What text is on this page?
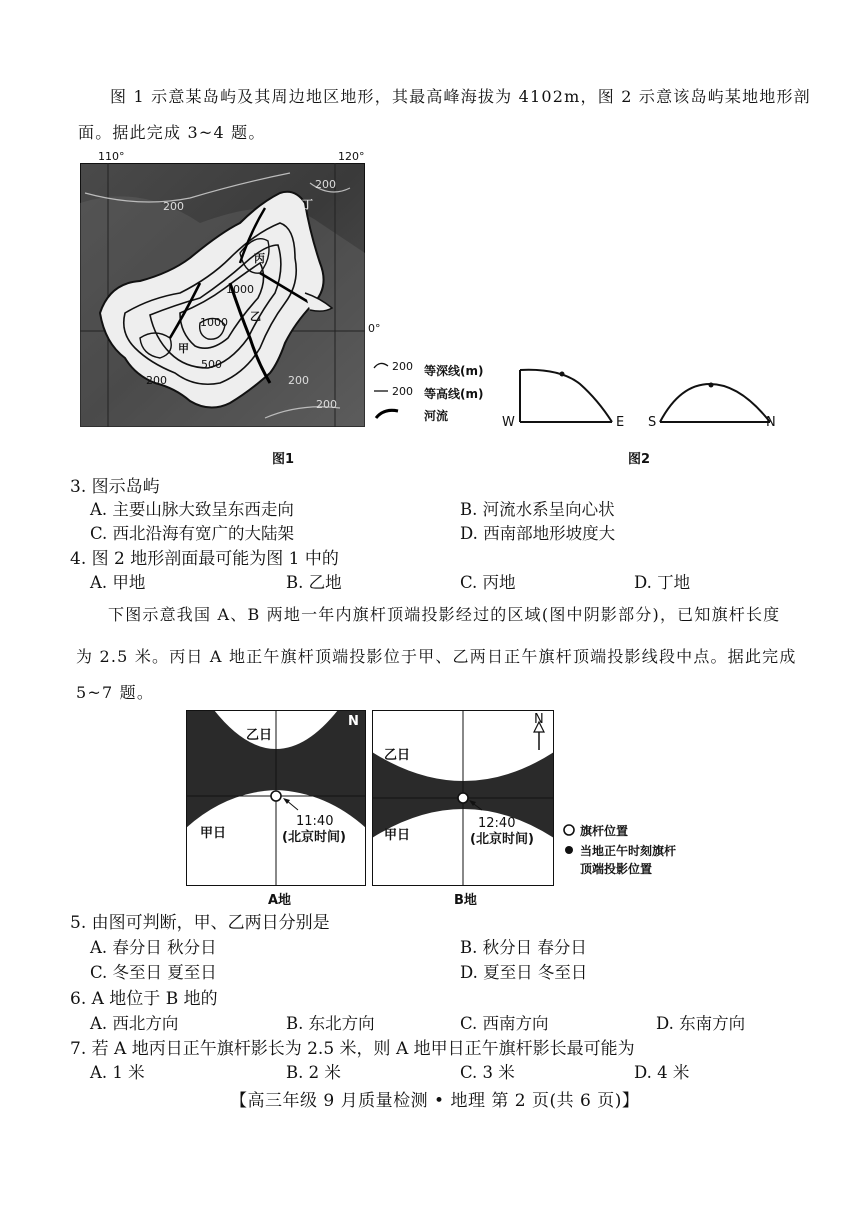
图 1 示意某岛屿及其周边地区地形，其最高峰海拔为 4102m，图 2 示意该岛屿某地地形剖
面。据此完成 3~4 题。
110°	120°
0°
200
200
1000
1000
500
200	200
200
甲
丙
乙
丁
200 等深线(m)
200 等高线(m)
河流
图1
W	E S	N
图2
3. 图示岛屿
A. 主要山脉大致呈东西走向	B. 河流水系呈向心状
C. 西北沿海有宽广的大陆架	D. 西南部地形坡度大
4. 图 2 地形剖面最可能为图 1 中的
A. 甲地	B. 乙地	C. 丙地	D. 丁地
下图示意我国 A、B 两地一年内旗杆顶端投影经过的区域(图中阴影部分)，已知旗杆长度
为 2.5 米。丙日 A 地正午旗杆顶端投影位于甲、乙两日正午旗杆顶端投影线段中点。据此完成
5~7 题。
乙日
甲日
N
11:40
(北京时间)
A地
乙日
甲日
N
12:40
(北京时间)
B地
旗杆位置
当地正午时刻旗杆
顶端投影位置
5. 由图可判断，甲、乙两日分别是
A. 春分日 秋分日	B. 秋分日 春分日
C. 冬至日 夏至日	D. 夏至日 冬至日
6. A 地位于 B 地的
A. 西北方向	B. 东北方向	C. 西南方向	D. 东南方向
7. 若 A 地丙日正午旗杆影长为 2.5 米，则 A 地甲日正午旗杆影长最可能为
A. 1 米	B. 2 米	C. 3 米	D. 4 米
【高三年级 9 月质量检测 • 地理 第 2 页(共 6 页)】
